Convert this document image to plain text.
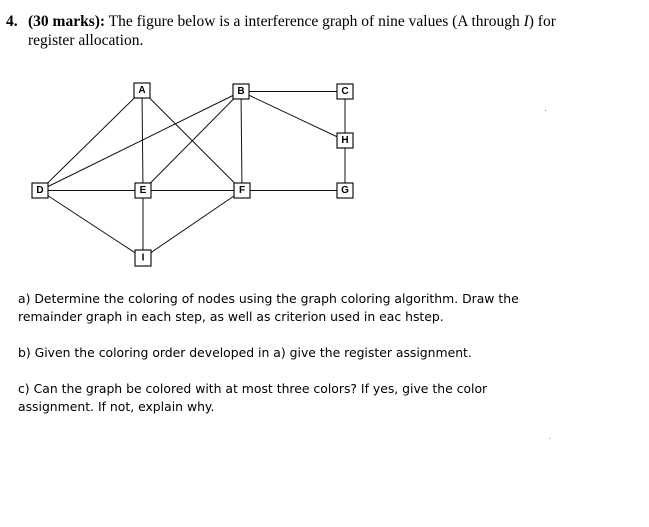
4. (30 marks): The figure below is a interference graph of nine values (A through I) for
register allocation.
A	B	C
H
D	E	F	G
I

a) Determine the coloring of nodes using the graph coloring algorithm. Draw the remainder graph in each step, as well as criterion used in eac hstep.

b) Given the coloring order developed in a) give the register assignment.

c) Can the graph be colored with at most three colors? If yes, give the color assignment. If not, explain why.
